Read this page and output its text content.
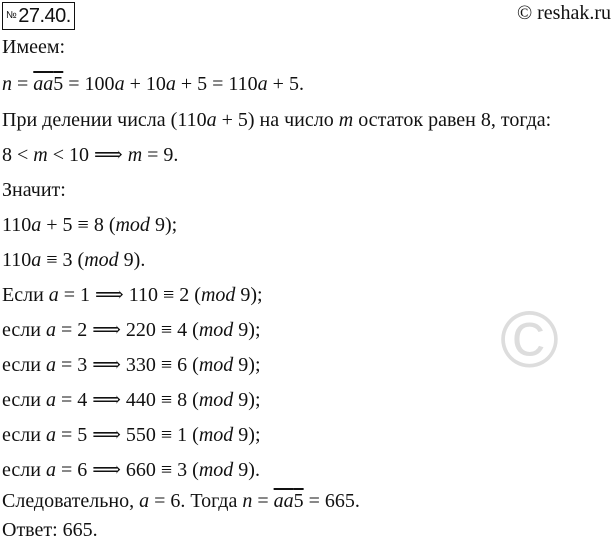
©
№ 27.40.	© reshak.ru
Имеем:
$n = \overline{aa}5 = 100a + 10a + 5 = 110a + 5$.
При делении числа (110a + 5) на число m остаток равен 8, тогда:
8 < m < 10 ⟹ m = 9.
Значит:
110a + 5 ≡ 8 (mod 9);
110a ≡ 3 (mod 9).
Если a = 1 ⟹ 110 ≡ 2 (mod 9);
если a = 2 ⟹ 220 ≡ 4 (mod 9);
если a = 3 ⟹ 330 ≡ 6 (mod 9);
если a = 4 ⟹ 440 ≡ 8 (mod 9);
если a = 5 ⟹ 550 ≡ 1 (mod 9);
если a = 6 ⟹ 660 ≡ 3 (mod 9).
Следовательно, a = 6. Тогда $n = \overline{aa}5 = 665$.
Ответ: 665.
